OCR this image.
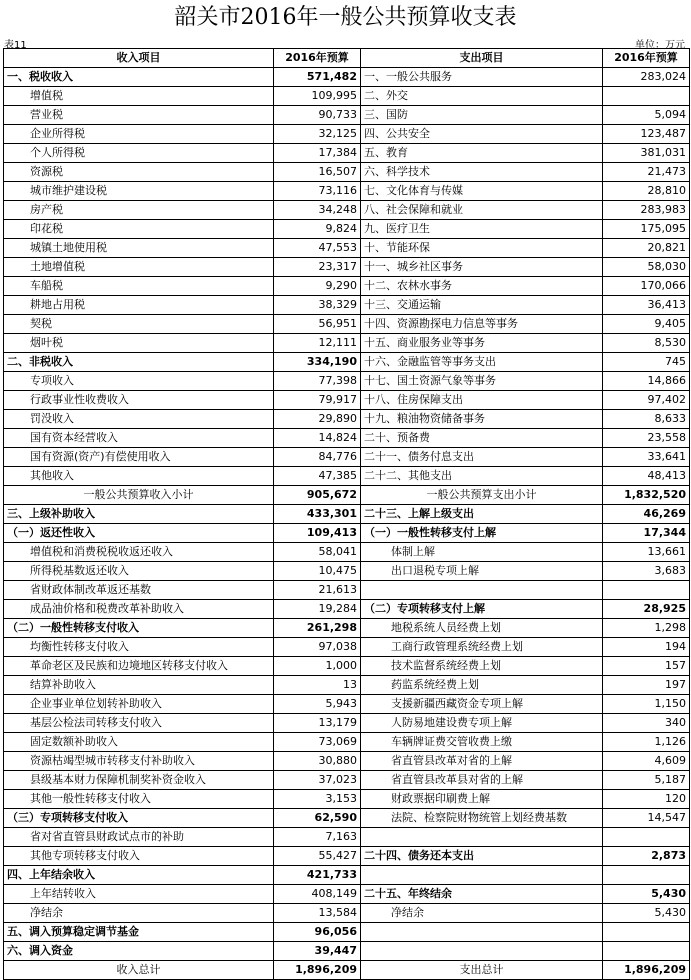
韶关市2016年一般公共预算收支表
表11	单位：万元
收入项目	2016年预算	支出项目	2016年预算
一、税收收入	571,482	一、一般公共服务	283,024
增值税	109,995	二、外交	
营业税	90,733	三、国防	5,094
企业所得税	32,125	四、公共安全	123,487
个人所得税	17,384	五、教育	381,031
资源税	16,507	六、科学技术	21,473
城市维护建设税	73,116	七、文化体育与传媒	28,810
房产税	34,248	八、社会保障和就业	283,983
印花税	9,824	九、医疗卫生	175,095
城镇土地使用税	47,553	十、节能环保	20,821
土地增值税	23,317	十一、城乡社区事务	58,030
车船税	9,290	十二、农林水事务	170,066
耕地占用税	38,329	十三、交通运输	36,413
契税	56,951	十四、资源勘探电力信息等事务	9,405
烟叶税	12,111	十五、商业服务业等事务	8,530
二、非税收入	334,190	十六、金融监管等事务支出	745
专项收入	77,398	十七、国土资源气象等事务	14,866
行政事业性收费收入	79,917	十八、住房保障支出	97,402
罚没收入	29,890	十九、粮油物资储备事务	8,633
国有资本经营收入	14,824	二十、预备费	23,558
国有资源(资产)有偿使用收入	84,776	二十一、债务付息支出	33,641
其他收入	47,385	二十二、其他支出	48,413
一般公共预算收入小计	905,672	一般公共预算支出小计	1,832,520
三、上级补助收入	433,301	二十三、上解上级支出	46,269
（一）返还性收入	109,413	（一）一般性转移支付上解	17,344
增值税和消费税税收返还收入	58,041	体制上解	13,661
所得税基数返还收入	10,475	出口退税专项上解	3,683
省财政体制改革返还基数	21,613		
成品油价格和税费改革补助收入	19,284	（二）专项转移支付上解	28,925
（二）一般性转移支付收入	261,298	地税系统人员经费上划	1,298
均衡性转移支付收入	97,038	工商行政管理系统经费上划	194
革命老区及民族和边境地区转移支付收入	1,000	技术监督系统经费上划	157
结算补助收入	13	药监系统经费上划	197
企业事业单位划转补助收入	5,943	支援新疆西藏资金专项上解	1,150
基层公检法司转移支付收入	13,179	人防易地建设费专项上解	340
固定数额补助收入	73,069	车辆牌证费交管收费上缴	1,126
资源枯竭型城市转移支付补助收入	30,880	省直管县改革对省的上解	4,609
县级基本财力保障机制奖补资金收入	37,023	省直管县改革县对省的上解	5,187
其他一般性转移支付收入	3,153	财政票据印刷费上解	120
（三）专项转移支付收入	62,590	法院、检察院财物统管上划经费基数	14,547
省对省直管县财政试点市的补助	7,163		
其他专项转移支付收入	55,427	二十四、债务还本支出	2,873
四、上年结余收入	421,733		
上年结转收入	408,149	二十五、年终结余	5,430
净结余	13,584	净结余	5,430
五、调入预算稳定调节基金	96,056		
六、调入资金	39,447		
收入总计	1,896,209	支出总计	1,896,209
